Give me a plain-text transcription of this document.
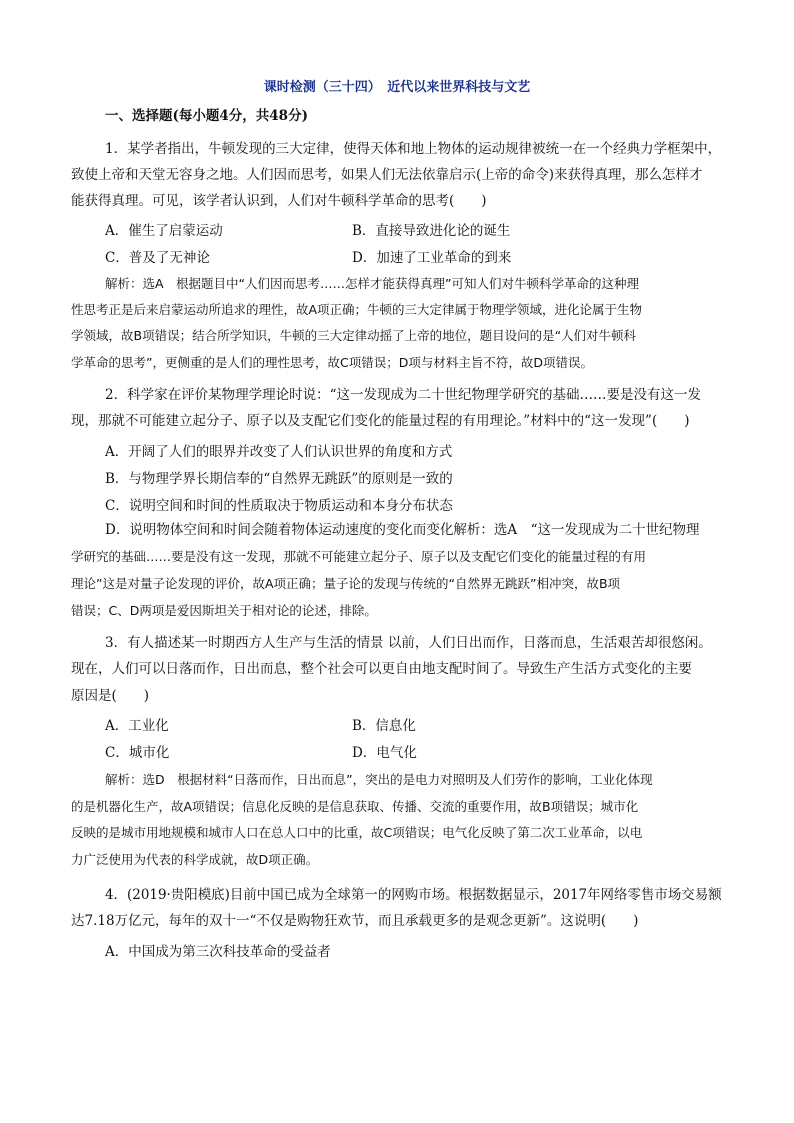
课时检测（三十四）　近代以来世界科技与文艺
一、选择题(每小题4分，共48分)
1．某学者指出，牛顿发现的三大定律，使得天体和地上物体的运动规律被统一在一个经典力学框架中，
致使上帝和天堂无容身之地。人们因而思考，如果人们无法依靠启示(上帝的命令)来获得真理，那么怎样才
能获得真理。可见，该学者认识到，人们对牛顿科学革命的思考(　　)
A．催生了启蒙运动	B．直接导致进化论的诞生
C．普及了无神论	D．加速了工业革命的到来
解析：选A　根据题目中“人们因而思考……怎样才能获得真理”可知人们对牛顿科学革命的这种理
性思考正是后来启蒙运动所追求的理性，故A项正确；牛顿的三大定律属于物理学领域，进化论属于生物
学领域，故B项错误；结合所学知识，牛顿的三大定律动摇了上帝的地位，题目设问的是“人们对牛顿科
学革命的思考”，更侧重的是人们的理性思考，故C项错误；D项与材料主旨不符，故D项错误。
2．科学家在评价某物理学理论时说：“这一发现成为二十世纪物理学研究的基础……要是没有这一发
现，那就不可能建立起分子、原子以及支配它们变化的能量过程的有用理论。”材料中的“这一发现”(　　)
A．开阔了人们的眼界并改变了人们认识世界的角度和方式
B．与物理学界长期信奉的“自然界无跳跃”的原则是一致的
C．说明空间和时间的性质取决于物质运动和本身分布状态
D．说明物体空间和时间会随着物体运动速度的变化而变化解析：选A　“这一发现成为二十世纪物理
学研究的基础……要是没有这一发现，那就不可能建立起分子、原子以及支配它们变化的能量过程的有用
理论”这是对量子论发现的评价，故A项正确；量子论的发现与传统的“自然界无跳跃”相冲突，故B项
错误；C、D两项是爱因斯坦关于相对论的论述，排除。
3．有人描述某一时期西方人生产与生活的情景 以前，人们日出而作，日落而息，生活艰苦却很悠闲。
现在，人们可以日落而作，日出而息，整个社会可以更自由地支配时间了。导致生产生活方式变化的主要
原因是(　　)
A．工业化	B．信息化
C．城市化	D．电气化
解析：选D　根据材料“日落而作，日出而息”，突出的是电力对照明及人们劳作的影响，工业化体现
的是机器化生产，故A项错误；信息化反映的是信息获取、传播、交流的重要作用，故B项错误；城市化
反映的是城市用地规模和城市人口在总人口中的比重，故C项错误；电气化反映了第二次工业革命，以电
力广泛使用为代表的科学成就，故D项正确。
4．(2019·贵阳模底)目前中国已成为全球第一的网购市场。根据数据显示，2017年网络零售市场交易额
达7.18万亿元，每年的双十一“不仅是购物狂欢节，而且承载更多的是观念更新”。这说明(　　)
A．中国成为第三次科技革命的受益者
